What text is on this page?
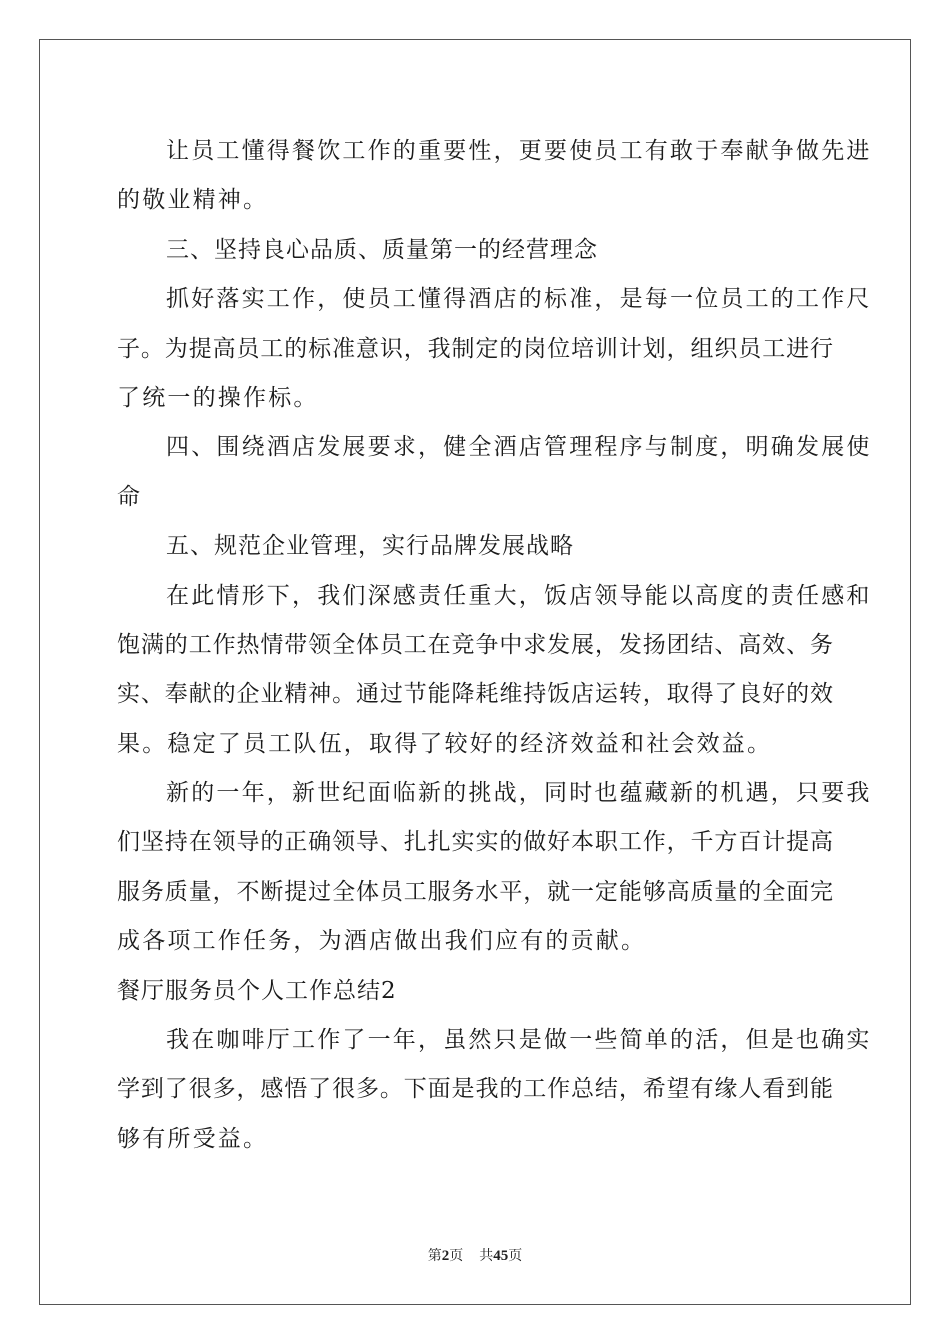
让员工懂得餐饮工作的重要性，更要使员工有敢于奉献争做先进
的敬业精神。
三、坚持良心品质、质量第一的经营理念
抓好落实工作，使员工懂得酒店的标准，是每一位员工的工作尺
子。为提高员工的标准意识，我制定的岗位培训计划，组织员工进行
了统一的操作标。
四、围绕酒店发展要求，健全酒店管理程序与制度，明确发展使
命
五、规范企业管理，实行品牌发展战略
在此情形下，我们深感责任重大，饭店领导能以高度的责任感和
饱满的工作热情带领全体员工在竞争中求发展，发扬团结、高效、务
实、奉献的企业精神。通过节能降耗维持饭店运转，取得了良好的效
果。稳定了员工队伍，取得了较好的经济效益和社会效益。
新的一年，新世纪面临新的挑战，同时也蕴藏新的机遇，只要我
们坚持在领导的正确领导、扎扎实实的做好本职工作，千方百计提高
服务质量，不断提过全体员工服务水平，就一定能够高质量的全面完
成各项工作任务，为酒店做出我们应有的贡献。
餐厅服务员个人工作总结2
我在咖啡厅工作了一年，虽然只是做一些简单的活，但是也确实
学到了很多，感悟了很多。下面是我的工作总结，希望有缘人看到能
够有所受益。
第2页 共45页
